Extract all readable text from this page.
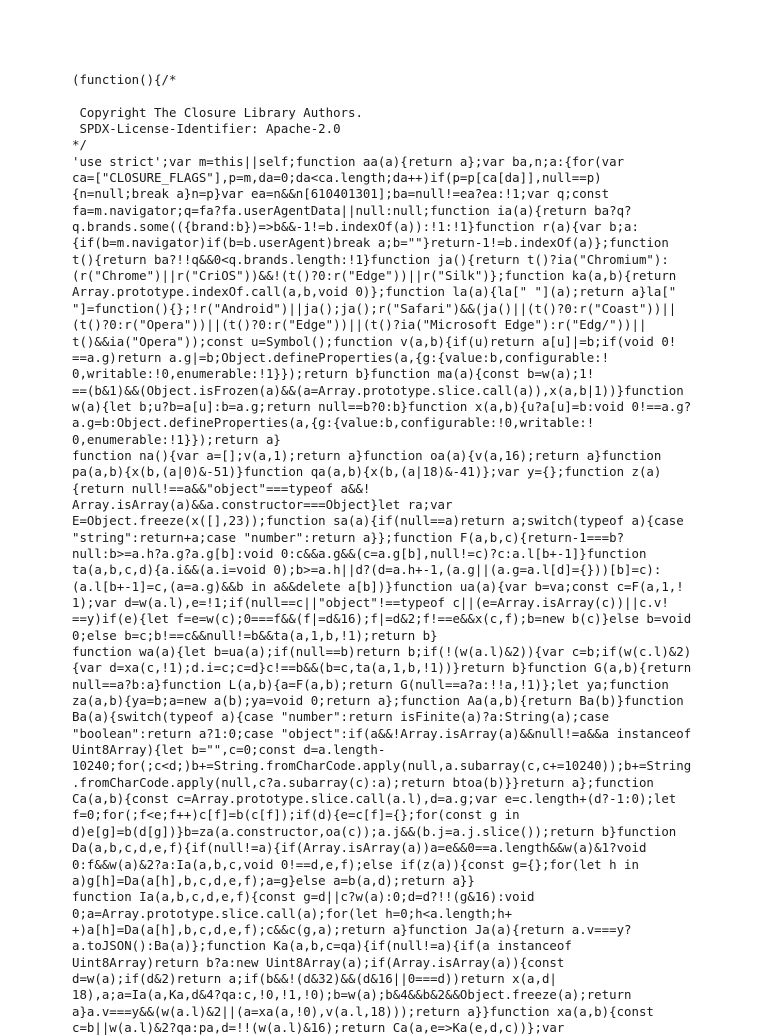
(function(){/*
Copyright The Closure Library Authors.
SPDX-License-Identifier: Apache-2.0
*/
'use strict';var m=this||self;function aa(a){return a};var ba,n;a:{for(var
ca=["CLOSURE_FLAGS"],p=m,da=0;da<ca.length;da++)if(p=p[ca[da]],null==p)
{n=null;break a}n=p}var ea=n&&n[610401301];ba=null!=ea?ea:!1;var q;const
fa=m.navigator;q=fa?fa.userAgentData||null:null;function ia(a){return ba?q?
q.brands.some(({brand:b})=>b&&-1!=b.indexOf(a)):!1:!1}function r(a){var b;a:
{if(b=m.navigator)if(b=b.userAgent)break a;b=""}return-1!=b.indexOf(a)};function
t(){return ba?!!q&&0<q.brands.length:!1}function ja(){return t()?ia("Chromium"):
(r("Chrome")||r("CriOS"))&&!(t()?0:r("Edge"))||r("Silk")};function ka(a,b){return
Array.prototype.indexOf.call(a,b,void 0)};function la(a){la[" "](a);return a}la["
"]=function(){};!r("Android")||ja();ja();r("Safari")&&(ja()||(t()?0:r("Coast"))||
(t()?0:r("Opera"))||(t()?0:r("Edge"))||(t()?ia("Microsoft Edge"):r("Edg/"))||
t()&&ia("Opera"));const u=Symbol();function v(a,b){if(u)return a[u]|=b;if(void 0!
==a.g)return a.g|=b;Object.defineProperties(a,{g:{value:b,configurable:!
0,writable:!0,enumerable:!1}});return b}function ma(a){const b=w(a);1!
==(b&1)&&(Object.isFrozen(a)&&(a=Array.prototype.slice.call(a)),x(a,b|1))}function
w(a){let b;u?b=a[u]:b=a.g;return null==b?0:b}function x(a,b){u?a[u]=b:void 0!==a.g?
a.g=b:Object.defineProperties(a,{g:{value:b,configurable:!0,writable:!
0,enumerable:!1}});return a}
function na(){var a=[];v(a,1);return a}function oa(a){v(a,16);return a}function
pa(a,b){x(b,(a|0)&-51)}function qa(a,b){x(b,(a|18)&-41)};var y={};function z(a)
{return null!==a&&"object"===typeof a&&!
Array.isArray(a)&&a.constructor===Object}let ra;var
E=Object.freeze(x([],23));function sa(a){if(null==a)return a;switch(typeof a){case
"string":return+a;case "number":return a}};function F(a,b,c){return-1===b?
null:b>=a.h?a.g?a.g[b]:void 0:c&&a.g&&(c=a.g[b],null!=c)?c:a.l[b+-1]}function
ta(a,b,c,d){a.i&&(a.i=void 0);b>=a.h||d?(d=a.h+-1,(a.g||(a.g=a.l[d]={}))[b]=c):
(a.l[b+-1]=c,(a=a.g)&&b in a&&delete a[b])}function ua(a){var b=va;const c=F(a,1,!
1);var d=w(a.l),e=!1;if(null==c||"object"!==typeof c||(e=Array.isArray(c))||c.v!
==y)if(e){let f=e=w(c);0===f&&(f|=d&16);f|=d&2;f!==e&&x(c,f);b=new b(c)}else b=void
0;else b=c;b!==c&&null!=b&&ta(a,1,b,!1);return b}
function wa(a){let b=ua(a);if(null==b)return b;if(!(w(a.l)&2)){var c=b;if(w(c.l)&2)
{var d=xa(c,!1);d.i=c;c=d}c!==b&&(b=c,ta(a,1,b,!1))}return b}function G(a,b){return
null==a?b:a}function L(a,b){a=F(a,b);return G(null==a?a:!!a,!1)};let ya;function
za(a,b){ya=b;a=new a(b);ya=void 0;return a};function Aa(a,b){return Ba(b)}function
Ba(a){switch(typeof a){case "number":return isFinite(a)?a:String(a);case
"boolean":return a?1:0;case "object":if(a&&!Array.isArray(a)&&null!=a&&a instanceof
Uint8Array){let b="",c=0;const d=a.length-
10240;for(;c<d;)b+=String.fromCharCode.apply(null,a.subarray(c,c+=10240));b+=String
.fromCharCode.apply(null,c?a.subarray(c):a);return btoa(b)}}return a};function
Ca(a,b){const c=Array.prototype.slice.call(a.l),d=a.g;var e=c.length+(d?-1:0);let
f=0;for(;f<e;f++)c[f]=b(c[f]);if(d){e=c[f]={};for(const g in
d)e[g]=b(d[g])}b=za(a.constructor,oa(c));a.j&&(b.j=a.j.slice());return b}function
Da(a,b,c,d,e,f){if(null!=a){if(Array.isArray(a))a=e&&0==a.length&&w(a)&1?void
0:f&&w(a)&2?a:Ia(a,b,c,void 0!==d,e,f);else if(z(a)){const g={};for(let h in
a)g[h]=Da(a[h],b,c,d,e,f);a=g}else a=b(a,d);return a}}
function Ia(a,b,c,d,e,f){const g=d||c?w(a):0;d=d?!!(g&16):void
0;a=Array.prototype.slice.call(a);for(let h=0;h<a.length;h+
+)a[h]=Da(a[h],b,c,d,e,f);c&&c(g,a);return a}function Ja(a){return a.v===y?
a.toJSON():Ba(a)};function Ka(a,b,c=qa){if(null!=a){if(a instanceof
Uint8Array)return b?a:new Uint8Array(a);if(Array.isArray(a)){const
d=w(a);if(d&2)return a;if(b&&!(d&32)&&(d&16||0===d))return x(a,d|
18),a;a=Ia(a,Ka,d&4?qa:c,!0,!1,!0);b=w(a);b&4&&b&2&&Object.freeze(a);return
a}a.v===y&&(w(a.l)&2||(a=xa(a,!0),v(a.l,18)));return a}}function xa(a,b){const
c=b||w(a.l)&2?qa:pa,d=!!(w(a.l)&16);return Ca(a,e=>Ka(e,d,c))};var
